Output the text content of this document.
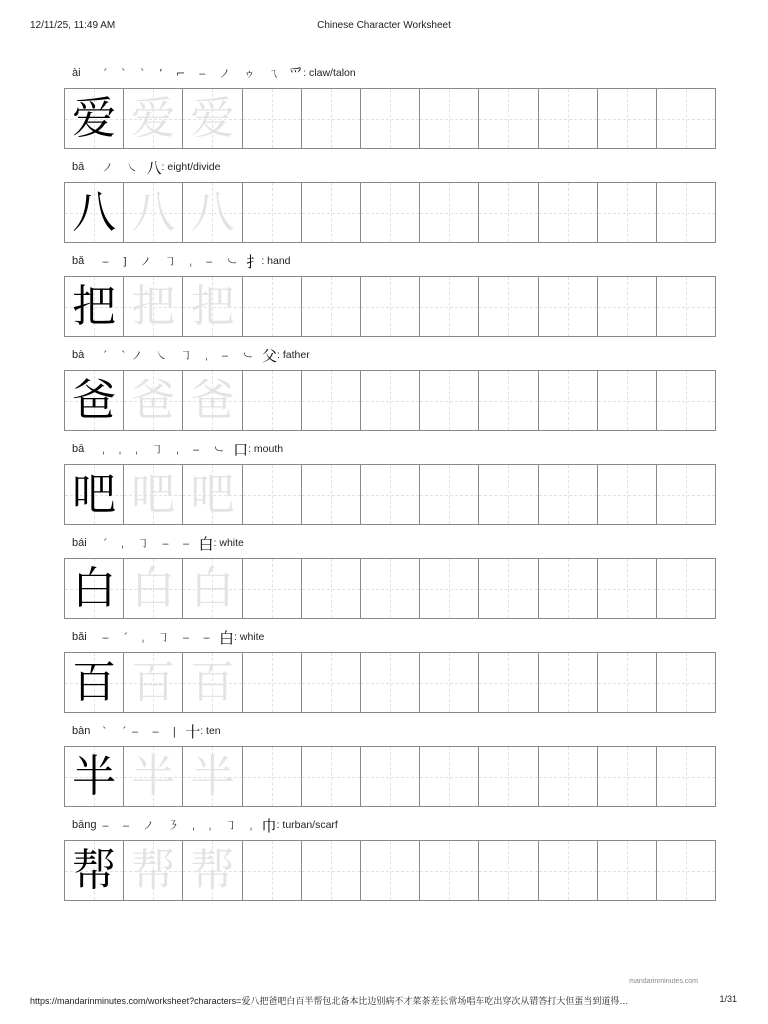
12/11/25, 11:49 AM	Chinese Character Worksheet
ài	ˊ ˋ ˋ ʼ ⌐ ‒ ノ ゥ ㄟ 爫 : claw/talon
爱 爱 爱
bā	ノ ㇏ 八 : eight/divide
八 八 八
bǎ	‒ ] ノ ㇆ ˌ ‒ ㇃ 扌 : hand
把 把 把
bà	ˊ ˋノ ㇏ ㇆ ˌ ‒ ㇃ 父 : father
爸 爸 爸
bā	ˌ ˌ ˌ ㇆ ˌ ‒ ㇃ 口 : mouth
吧 吧 吧
bái	ˊ ˌ ㇆ ‒ ‒ 白 : white
白 白 白
bǎi	‒ ˊ ˌ ㇆ ‒ ‒ 白 : white
百 百 百
bàn	ˋ ˊ‒ ‒ | 十 : ten
半 半 半
bāng ‒ ‒ ノ ㇋ ˌ ˌ ㇆ ˌ 巾 : turban/scarf
帮 帮 帮
mandarinminutes.com
https://mandarinminutes.com/worksheet?characters=爱八把爸吧白百半帮包北备本比边别病不才菜茶差长常场唱车吃出穿次从错答打大但蛋当到道得…	1/31
